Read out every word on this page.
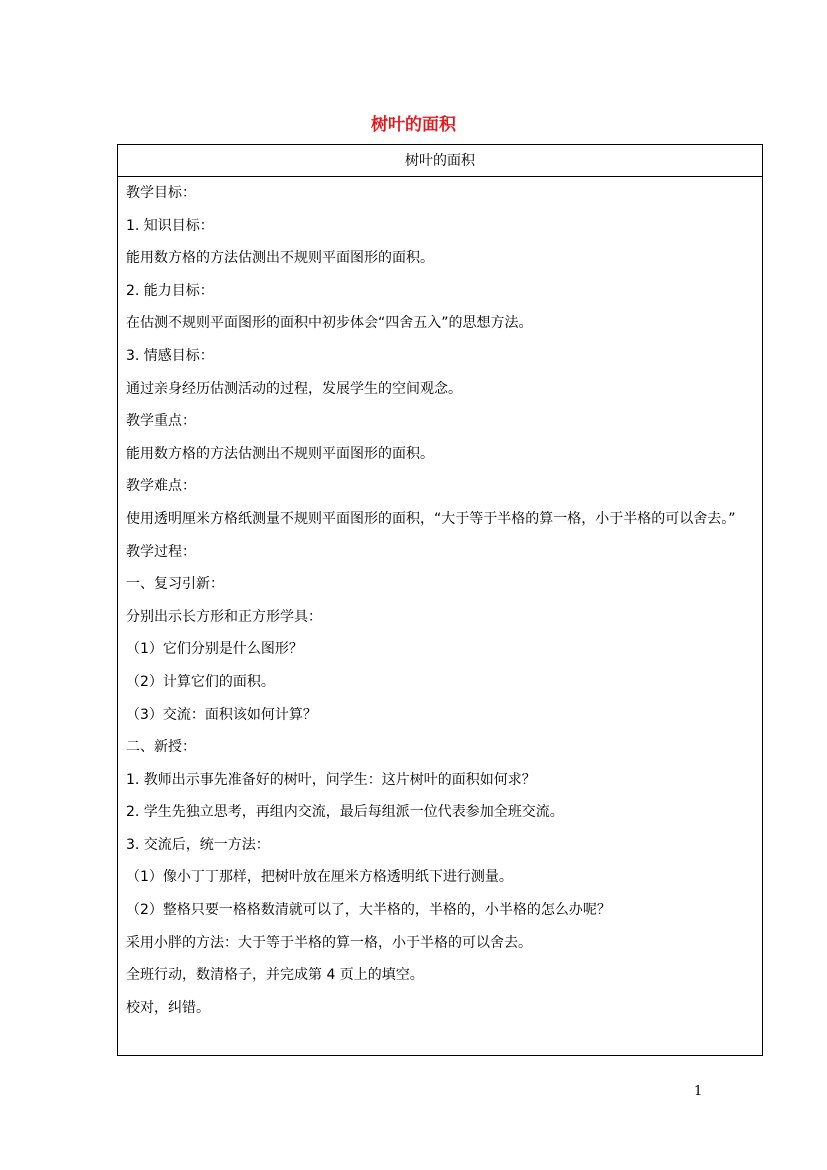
树叶的面积
树叶的面积
教学目标：
1. 知识目标：
能用数方格的方法估测出不规则平面图形的面积。
2. 能力目标：
在估测不规则平面图形的面积中初步体会“四舍五入”的思想方法。
3. 情感目标：
通过亲身经历估测活动的过程，发展学生的空间观念。
教学重点：
能用数方格的方法估测出不规则平面图形的面积。
教学难点：
使用透明厘米方格纸测量不规则平面图形的面积，“大于等于半格的算一格，小于半格的可以舍去。”
教学过程：
一、复习引新：
分别出示长方形和正方形学具：
（1）它们分别是什么图形？
（2）计算它们的面积。
（3）交流：面积该如何计算？
二、新授：
1. 教师出示事先准备好的树叶，问学生：这片树叶的面积如何求？
2. 学生先独立思考，再组内交流，最后每组派一位代表参加全班交流。
3. 交流后，统一方法：
（1）像小丁丁那样，把树叶放在厘米方格透明纸下进行测量。
（2）整格只要一格格数清就可以了，大半格的，半格的，小半格的怎么办呢？
采用小胖的方法：大于等于半格的算一格，小于半格的可以舍去。
全班行动，数清格子，并完成第 4 页上的填空。
校对，纠错。
1
